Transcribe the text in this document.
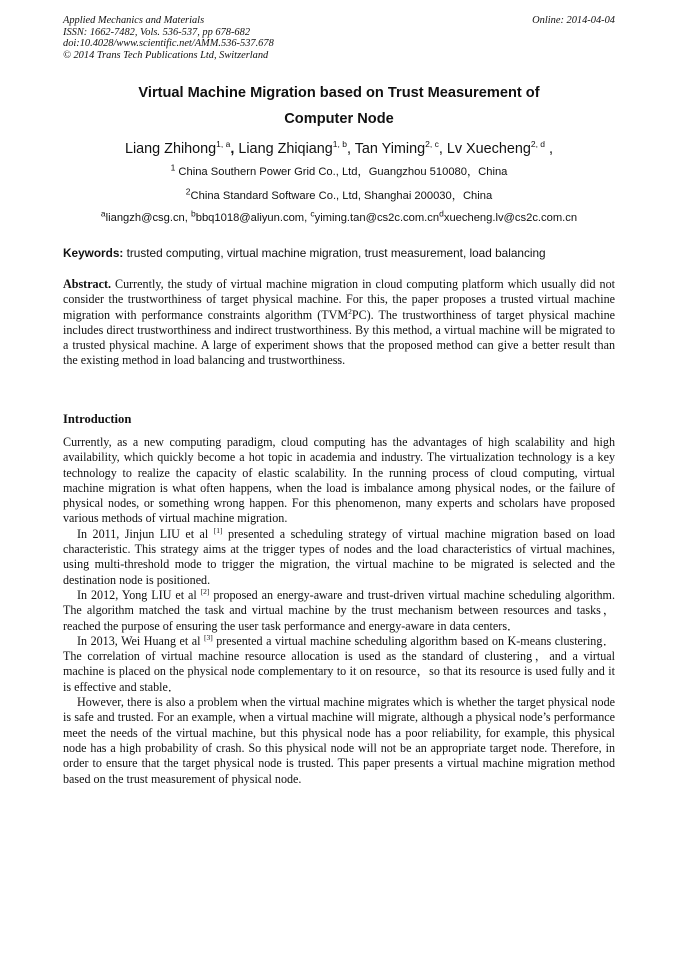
Applied Mechanics and Materials
ISSN: 1662-7482, Vols. 536-537, pp 678-682
doi:10.4028/www.scientific.net/AMM.536-537.678
© 2014 Trans Tech Publications Ltd, Switzerland
Online: 2014-04-04
Virtual Machine Migration based on Trust Measurement of
Computer Node
Liang Zhihong$^{1, a}$, Liang Zhiqiang$^{1, b}$, Tan Yiming$^{2, c}$, Lv Xuecheng$^{2, d}$ ,
$^1$ China Southern Power Grid Co., Ltd，Guangzhou 510080，China
$^2$China Standard Software Co., Ltd, Shanghai 200030，China
$^a$liangzh@csg.cn, $^b$bbq1018@aliyun.com, $^cyiming.\tan@cs2c.com.cn^dxuecheng.lv@cs2c.com.cn$
Keywords: trusted computing, virtual machine migration, trust measurement, load balancing

Abstract. Currently, the study of virtual machine migration in cloud computing platform which usually did not consider the trustworthiness of target physical machine. For this, the paper proposes a trusted virtual machine migration with performance constraints algorithm (TVM$^2$PC). The trustworthiness of target physical machine includes direct trustworthiness and indirect trustworthiness. By this method, a virtual machine will be migrated to a trusted physical machine. A large of experiment shows that the proposed method can give a better result than the existing method in load balancing and trustworthiness.

Introduction

Currently, as a new computing paradigm, cloud computing has the advantages of high scalability and high availability, which quickly become a hot topic in academia and industry. The virtualization technology is a key technology to realize the capacity of elastic scalability. In the running process of cloud computing, virtual machine migration is what often happens, when the load is imbalance among physical nodes, or the failure of physical nodes, or something wrong happen. For this phenomenon, many experts and scholars have proposed various methods of virtual machine migration.

In 2011, Jinjun LIU et al [1] presented a scheduling strategy of virtual machine migration based on load characteristic. This strategy aims at the trigger types of nodes and the load characteristics of virtual machines, using multi-threshold mode to trigger the migration, the virtual machine to be migrated is selected and the destination node is positioned.

In 2012, Yong LIU et al [2] proposed an energy-aware and trust-driven virtual machine scheduling algorithm. The algorithm matched the task and virtual machine by the trust mechanism between resources and tasks，reached the purpose of ensuring the user task performance and energy-aware in data centers．

In 2013, Wei Huang et al [3] presented a virtual machine scheduling algorithm based on K-means clustering． The correlation of virtual machine resource allocation is used as the standard of clustering，and a virtual machine is placed on the physical node complementary to it on resource，so that its resource is used fully and it is effective and stable．

However, there is also a problem when the virtual machine migrates which is whether the target physical node is safe and trusted. For an example, when a virtual machine will migrate, although a physical node’s performance meet the needs of the virtual machine, but this physical node has a poor reliability, for example, this physical node has a high probability of crash. So this physical node will not be an appropriate target node. Therefore, in order to ensure that the target physical node is trusted. This paper presents a virtual machine migration method based on the trust measurement of physical node.
